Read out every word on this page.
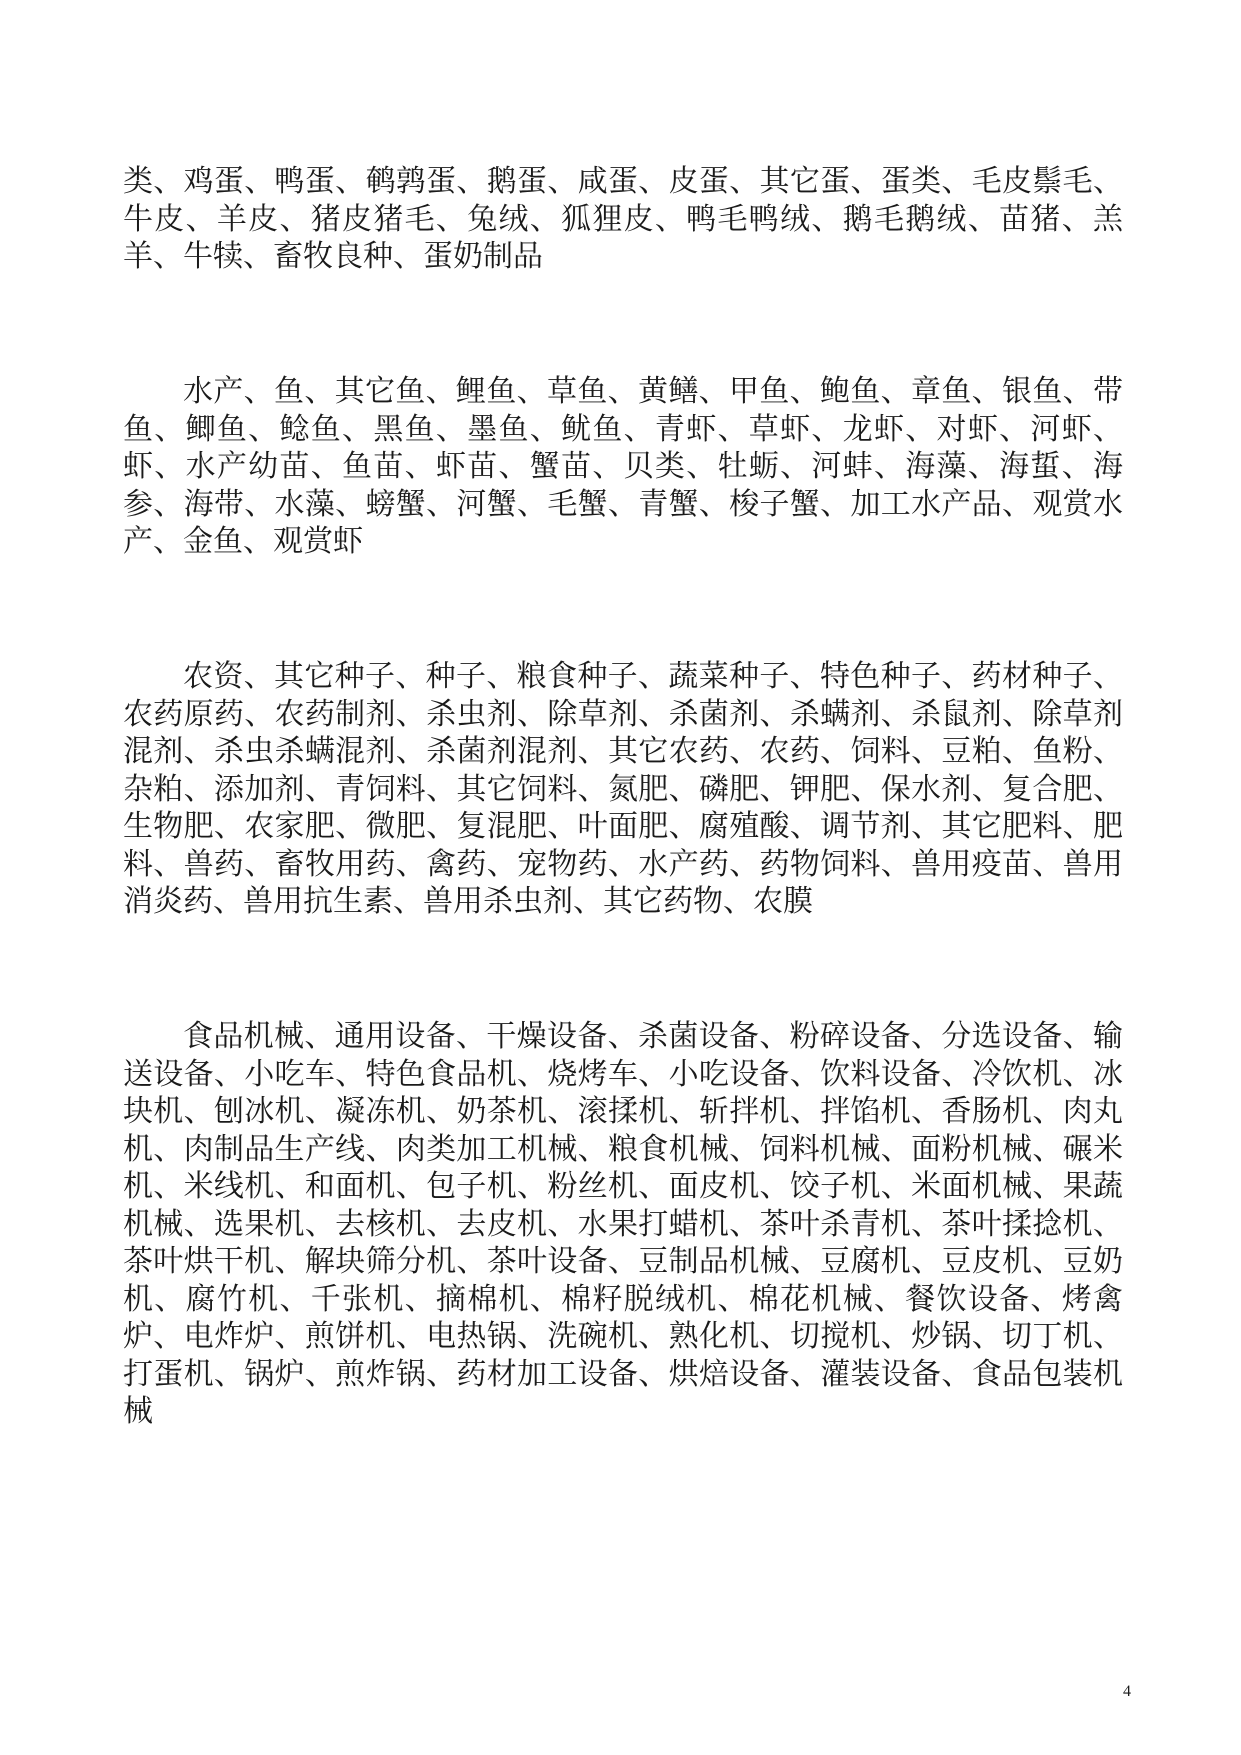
类、鸡蛋、鸭蛋、鹌鹑蛋、鹅蛋、咸蛋、皮蛋、其它蛋、蛋类、毛皮鬃毛、牛皮、羊皮、猪皮猪毛、兔绒、狐狸皮、鸭毛鸭绒、鹅毛鹅绒、苗猪、羔羊、牛犊、畜牧良种、蛋奶制品

水产、鱼、其它鱼、鲤鱼、草鱼、黄鳝、甲鱼、鲍鱼、章鱼、银鱼、带鱼、鲫鱼、鲶鱼、黑鱼、墨鱼、鱿鱼、青虾、草虾、龙虾、对虾、河虾、虾、水产幼苗、鱼苗、虾苗、蟹苗、贝类、牡蛎、河蚌、海藻、海蜇、海参、海带、水藻、螃蟹、河蟹、毛蟹、青蟹、梭子蟹、加工水产品、观赏水产、金鱼、观赏虾

农资、其它种子、种子、粮食种子、蔬菜种子、特色种子、药材种子、农药原药、农药制剂、杀虫剂、除草剂、杀菌剂、杀螨剂、杀鼠剂、除草剂混剂、杀虫杀螨混剂、杀菌剂混剂、其它农药、农药、饲料、豆粕、鱼粉、杂粕、添加剂、青饲料、其它饲料、氮肥、磷肥、钾肥、保水剂、复合肥、生物肥、农家肥、微肥、复混肥、叶面肥、腐殖酸、调节剂、其它肥料、肥料、兽药、畜牧用药、禽药、宠物药、水产药、药物饲料、兽用疫苗、兽用消炎药、兽用抗生素、兽用杀虫剂、其它药物、农膜

食品机械、通用设备、干燥设备、杀菌设备、粉碎设备、分选设备、输送设备、小吃车、特色食品机、烧烤车、小吃设备、饮料设备、冷饮机、冰块机、刨冰机、凝冻机、奶茶机、滚揉机、斩拌机、拌馅机、香肠机、肉丸机、肉制品生产线、肉类加工机械、粮食机械、饲料机械、面粉机械、碾米机、米线机、和面机、包子机、粉丝机、面皮机、饺子机、米面机械、果蔬机械、选果机、去核机、去皮机、水果打蜡机、茶叶杀青机、茶叶揉捻机、茶叶烘干机、解块筛分机、茶叶设备、豆制品机械、豆腐机、豆皮机、豆奶机、腐竹机、千张机、摘棉机、棉籽脱绒机、棉花机械、餐饮设备、烤禽炉、电炸炉、煎饼机、电热锅、洗碗机、熟化机、切搅机、炒锅、切丁机、打蛋机、锅炉、煎炸锅、药材加工设备、烘焙设备、灌装设备、食品包装机械

4
